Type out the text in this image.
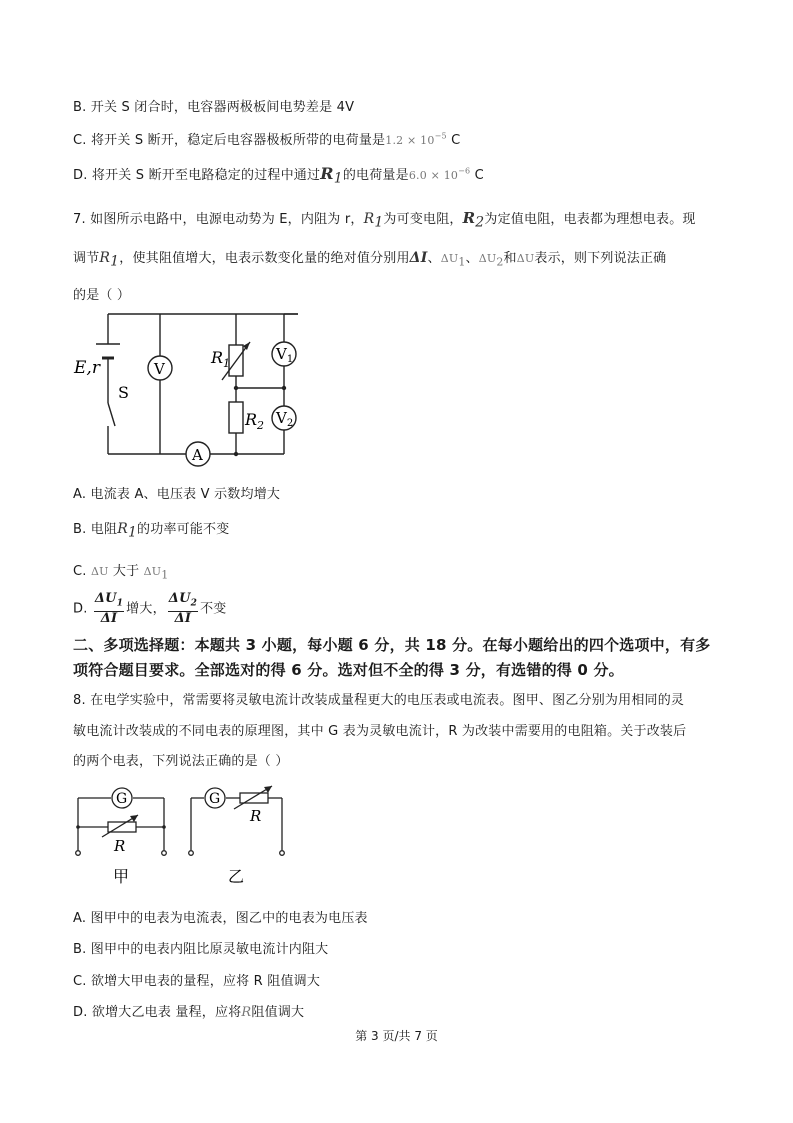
B. 开关 S 闭合时，电容器两极板间电势差是 4V
C. 将开关 S 断开，稳定后电容器极板所带的电荷量是$1.2 \times 10^{-5}$ C
D. 将开关 S 断开至电路稳定的过程中通过$R_1$的电荷量是$6.0 \times 10^{-6}$ C
7. 如图所示电路中，电源电动势为 E，内阻为 r，$R_1$为可变电阻，$R_2$为定值电阻，电表都为理想电表。现
调节$R_1$，使其阻值增大，电表示数变化量的绝对值分别用ΔI、$\Delta U_1$、$\Delta U_2$和ΔU表示，则下列说法正确
的是（ ）
E,r
S
V
$R_1$
$V_1$
$R_2$ $V_2$
A
A. 电流表 A、电压表 V 示数均增大
B. 电阻$R_1$的功率可能不变
C. ΔU 大于 $\Delta U_1$
D. $\frac{\Delta U_1}{\Delta I}$ 增大， $\frac{\Delta U_2}{\Delta I}$ 不变
二、多项选择题：本题共 3 小题，每小题 6 分，共 18 分。在每小题给出的四个选项中，有多
项符合题目要求。全部选对的得 6 分。选对但不全的得 3 分，有选错的得 0 分。
8. 在电学实验中，常需要将灵敏电流计改装成量程更大的电压表或电流表。图甲、图乙分别为用相同的灵
敏电流计改装成的不同电表的原理图，其中 G 表为灵敏电流计，R 为改装中需要用的电阻箱。关于改装后
的两个电表，下列说法正确的是（ ）
G
R
甲
G
R
乙
A. 图甲中的电表为电流表，图乙中的电表为电压表
B. 图甲中的电表内阻比原灵敏电流计内阻大
C. 欲增大甲电表的量程，应将 R 阻值调大
D. 欲增大乙电表 量程，应将R阻值调大
第 3 页/共 7 页
